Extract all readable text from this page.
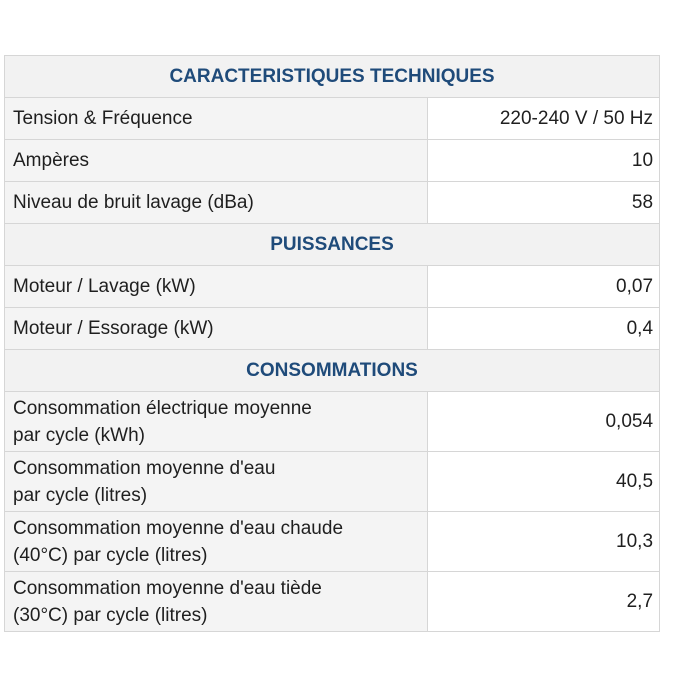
CARACTERISTIQUES TECHNIQUES	
Tension & Fréquence	220-240 V / 50 Hz
Ampères	10
Niveau de bruit lavage (dBa)	58
PUISSANCES	
Moteur / Lavage (kW)	0,07
Moteur / Essorage (kW)	0,4
CONSOMMATIONS	

Consommation électrique moyenne
par cycle (kWh)	0,054

Consommation moyenne d'eau
par cycle (litres)	40,5

Consommation moyenne d'eau chaude
(40°C) par cycle (litres)	10,3

Consommation moyenne d'eau tiède
(30°C) par cycle (litres)	2,7
